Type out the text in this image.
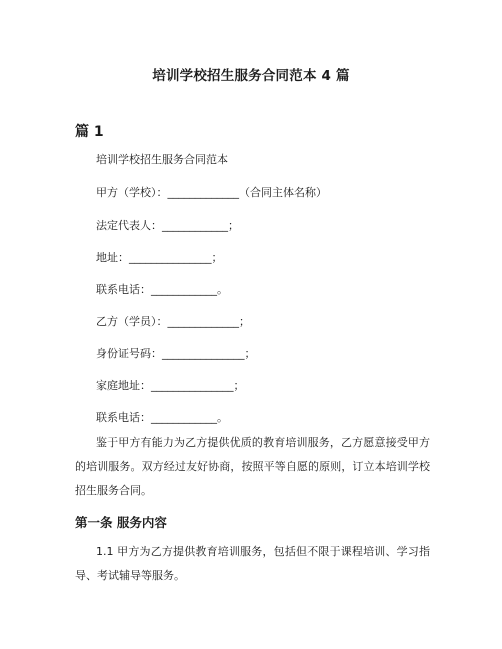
培训学校招生服务合同范本 4 篇
篇 1
培训学校招生服务合同范本
甲方（学校）：_____________（合同主体名称）
法定代表人：____________；
地址：_______________；
联系电话：____________。
乙方（学员）：_____________；
身份证号码：_______________；
家庭地址：_______________；
联系电话：____________。
鉴于甲方有能力为乙方提供优质的教育培训服务，乙方愿意接受甲方的培训服务。双方经过友好协商，按照平等自愿的原则，订立本培训学校招生服务合同。
第一条 服务内容
1.1 甲方为乙方提供教育培训服务，包括但不限于课程培训、学习指导、考试辅导等服务。
